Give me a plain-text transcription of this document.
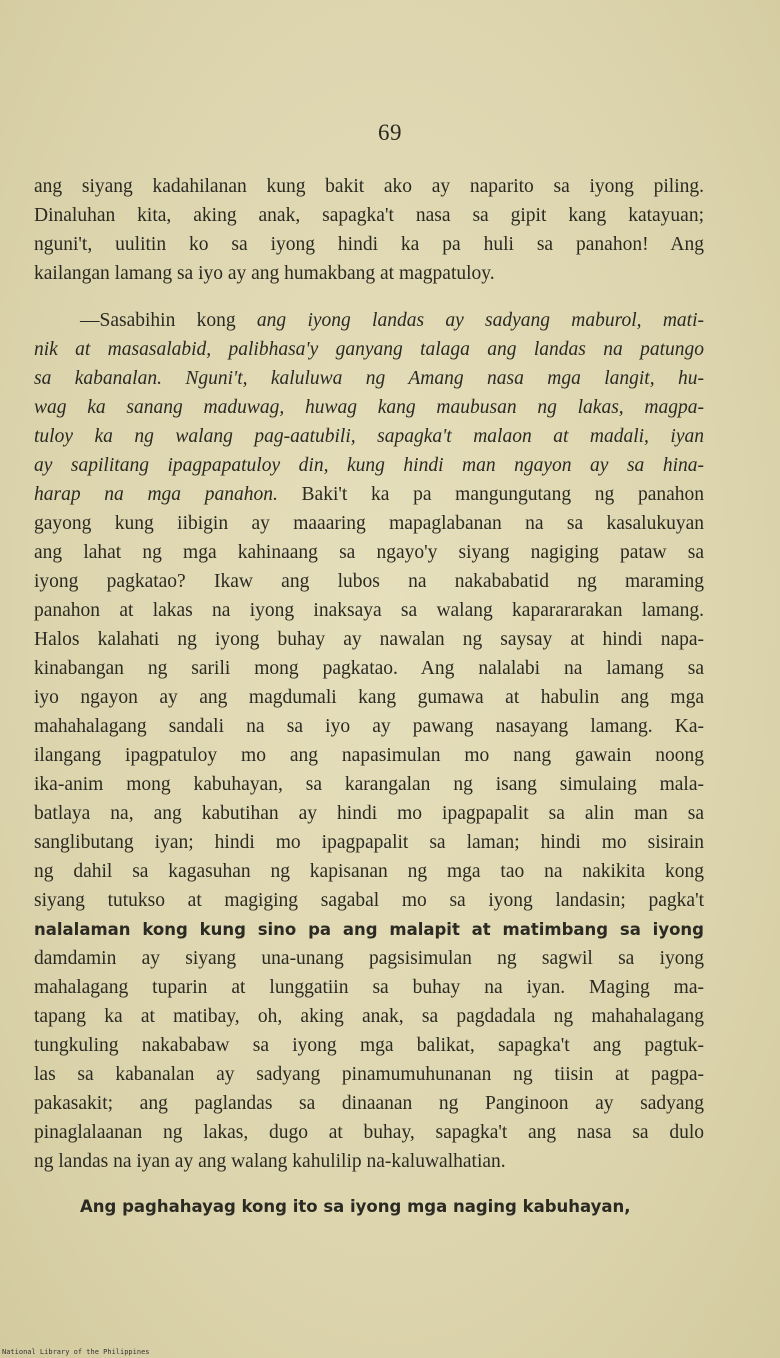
69
ang siyang kadahilanan kung bakit ako ay naparito sa iyong piling.
Dinaluhan kita, aking anak, sapagka't nasa sa gipit kang katayuan;
nguni't, uulitin ko sa iyong hindi ka pa huli sa panahon! Ang
kailangan lamang sa iyo ay ang humakbang at magpatuloy.
—Sasabihin kong ang iyong landas ay sadyang maburol, mati-
nik at masasalabid, palibhasa'y ganyang talaga ang landas na patungo
sa kabanalan. Nguni't, kaluluwa ng Amang nasa mga langit, hu-
wag ka sanang maduwag, huwag kang maubusan ng lakas, magpa-
tuloy ka ng walang pag-aatubili, sapagka't malaon at madali, iyan
ay sapilitang ipagpapatuloy din, kung hindi man ngayon ay sa hina-
harap na mga panahon. Baki't ka pa mangungutang ng panahon
gayong kung iibigin ay maaaring mapaglabanan na sa kasalukuyan
ang lahat ng mga kahinaang sa ngayo'y siyang nagiging pataw sa
iyong pagkatao? Ikaw ang lubos na nakababatid ng maraming
panahon at lakas na iyong inaksaya sa walang kaparararakan lamang.
Halos kalahati ng iyong buhay ay nawalan ng saysay at hindi napa-
kinabangan ng sarili mong pagkatao. Ang nalalabi na lamang sa
iyo ngayon ay ang magdumali kang gumawa at habulin ang mga
mahahalagang sandali na sa iyo ay pawang nasayang lamang. Ka-
ilangang ipagpatuloy mo ang napasimulan mo nang gawain noong
ika-anim mong kabuhayan, sa karangalan ng isang simulaing mala-
batlaya na, ang kabutihan ay hindi mo ipagpapalit sa alin man sa
sanglibutang iyan; hindi mo ipagpapalit sa laman; hindi mo sisirain
ng dahil sa kagasuhan ng kapisanan ng mga tao na nakikita kong
siyang tutukso at magiging sagabal mo sa iyong landasin; pagka't
nalalaman kong kung sino pa ang malapit at matimbang sa iyong
damdamin ay siyang una-unang pagsisimulan ng sagwil sa iyong
mahalagang tuparin at lunggatiin sa buhay na iyan. Maging ma-
tapang ka at matibay, oh, aking anak, sa pagdadala ng mahahalagang
tungkuling nakababaw sa iyong mga balikat, sapagka't ang pagtuk-
las sa kabanalan ay sadyang pinamumuhunanan ng tiisin at pagpa-
pakasakit; ang paglandas sa dinaanan ng Panginoon ay sadyang
pinaglalaanan ng lakas, dugo at buhay, sapagka't ang nasa sa dulo
ng landas na iyan ay ang walang kahulilip na-kaluwalhatian.
Ang paghahayag kong ito sa iyong mga naging kabuhayan,
National Library of the Philippines
